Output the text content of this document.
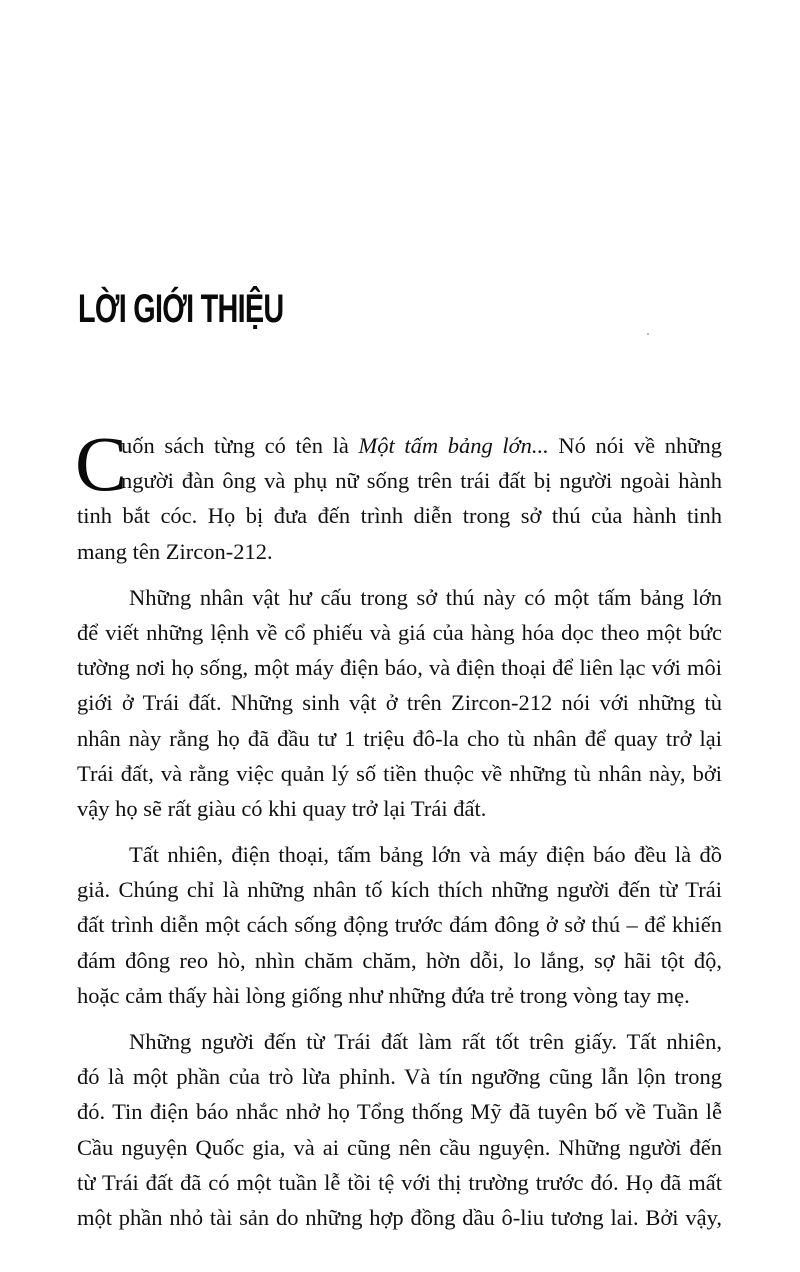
LỜI GIỚI THIỆU
C
uốn sách từng có tên là Một tấm bảng lớn... Nó nói về những
người đàn ông và phụ nữ sống trên trái đất bị người ngoài hành
tinh bắt cóc. Họ bị đưa đến trình diễn trong sở thú của hành tinh
mang tên Zircon-212.
Những nhân vật hư cấu trong sở thú này có một tấm bảng lớn
để viết những lệnh về cổ phiếu và giá của hàng hóa dọc theo một bức
tường nơi họ sống, một máy điện báo, và điện thoại để liên lạc với môi
giới ở Trái đất. Những sinh vật ở trên Zircon-212 nói với những tù
nhân này rằng họ đã đầu tư 1 triệu đô-la cho tù nhân để quay trở lại
Trái đất, và rằng việc quản lý số tiền thuộc về những tù nhân này, bởi
vậy họ sẽ rất giàu có khi quay trở lại Trái đất.
Tất nhiên, điện thoại, tấm bảng lớn và máy điện báo đều là đồ
giả. Chúng chỉ là những nhân tố kích thích những người đến từ Trái
đất trình diễn một cách sống động trước đám đông ở sở thú – để khiến
đám đông reo hò, nhìn chăm chăm, hờn dỗi, lo lắng, sợ hãi tột độ,
hoặc cảm thấy hài lòng giống như những đứa trẻ trong vòng tay mẹ.
Những người đến từ Trái đất làm rất tốt trên giấy. Tất nhiên,
đó là một phần của trò lừa phỉnh. Và tín ngưỡng cũng lẫn lộn trong
đó. Tin điện báo nhắc nhở họ Tổng thống Mỹ đã tuyên bố về Tuần lễ
Cầu nguyện Quốc gia, và ai cũng nên cầu nguyện. Những người đến
từ Trái đất đã có một tuần lễ tồi tệ với thị trường trước đó. Họ đã mất
một phần nhỏ tài sản do những hợp đồng dầu ô-liu tương lai. Bởi vậy,
